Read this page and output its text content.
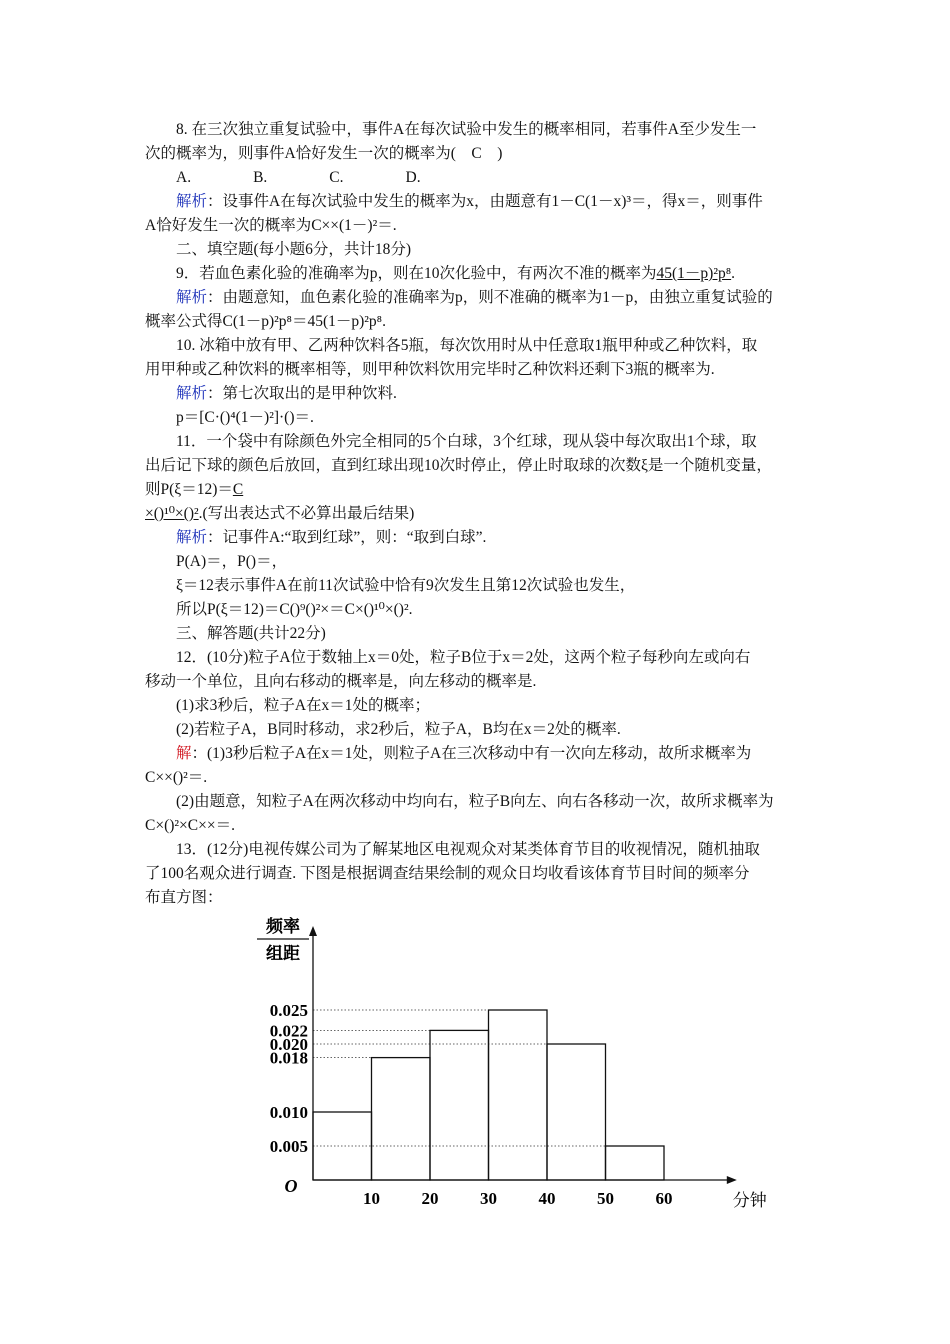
8. 在三次独立重复试验中，事件A在每次试验中发生的概率相同，若事件A至少发生一
次的概率为，则事件A恰好发生一次的概率为(　C　)
A.	B.	C.	D.
解析：设事件A在每次试验中发生的概率为x，由题意有1－C(1－x)³＝，得x＝，则事件
A恰好发生一次的概率为C××(1－)²＝.
二、填空题(每小题6分，共计18分)
9．若血色素化验的准确率为p，则在10次化验中，有两次不准的概率为45(1－p)²p⁸.
解析：由题意知，血色素化验的准确率为p，则不准确的概率为1－p，由独立重复试验的
概率公式得C(1－p)²p⁸＝45(1－p)²p⁸.
10. 冰箱中放有甲、乙两种饮料各5瓶，每次饮用时从中任意取1瓶甲种或乙种饮料，取
用甲种或乙种饮料的概率相等，则甲种饮料饮用完毕时乙种饮料还剩下3瓶的概率为.
解析：第七次取出的是甲种饮料.
p＝[C·()⁴(1－)²]·()＝.
11．一个袋中有除颜色外完全相同的5个白球，3个红球，现从袋中每次取出1个球，取
出后记下球的颜色后放回，直到红球出现10次时停止，停止时取球的次数ξ是一个随机变量，
则P(ξ＝12)＝C
×()¹⁰×()².(写出表达式不必算出最后结果)
解析：记事件A:“取到红球”，则：“取到白球”.
P(A)＝，P()＝，
ξ＝12表示事件A在前11次试验中恰有9次发生且第12次试验也发生，
所以P(ξ＝12)＝C()⁹()²×＝C×()¹⁰×()².
三、解答题(共计22分)
12．(10分)粒子A位于数轴上x＝0处，粒子B位于x＝2处，这两个粒子每秒向左或向右
移动一个单位，且向右移动的概率是，向左移动的概率是.
(1)求3秒后，粒子A在x＝1处的概率；
(2)若粒子A，B同时移动，求2秒后，粒子A，B均在x＝2处的概率.
解：(1)3秒后粒子A在x＝1处，则粒子A在三次移动中有一次向左移动，故所求概率为
C××()²＝.
(2)由题意，知粒子A在两次移动中均向右，粒子B向左、向右各移动一次，故所求概率为
C×()²×C××＝.
13．(12分)电视传媒公司为了解某地区电视观众对某类体育节目的收视情况，随机抽取
了100名观众进行调查. 下图是根据调查结果绘制的观众日均收看该体育节目时间的频率分
布直方图：
0.025
0.022
0.020
0.018
0.010
0.005
10 20 30 40 50 60
O
频率
组距
分钟
